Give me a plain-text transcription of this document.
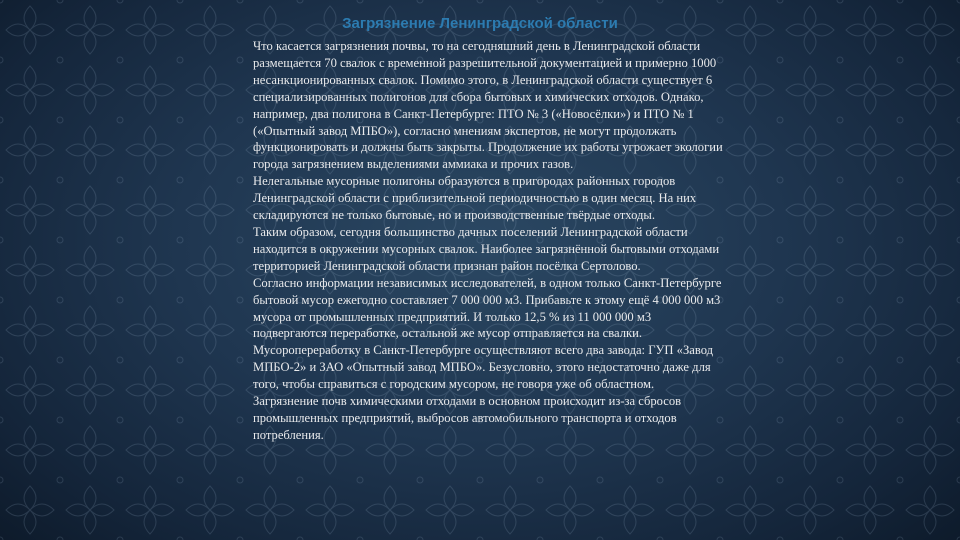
Загрязнение Ленинградской области

Что касается загрязнения почвы, то на сегодняшний день в Ленинградской области размещается 70 свалок с временной разрешительной документацией и примерно 1000 несанкционированных свалок. Помимо этого, в Ленинградской области существует 6 специализированных полигонов для сбора бытовых и химических отходов. Однако, например, два полигона в Санкт-Петербурге: ПТО № 3 («Новосёлки») и ПТО № 1 («Опытный завод МПБО»), согласно мнениям экспертов, не могут продолжать функционировать и должны быть закрыты. Продолжение их работы угрожает экологии города загрязнением выделениями аммиака и прочих газов.

Нелегальные мусорные полигоны образуются в пригородах районных городов Ленинградской области с приблизительной периодичностью в один месяц. На них складируются не только бытовые, но и производственные твёрдые отходы.

Таким образом, сегодня большинство дачных поселений Ленинградской области находится в окружении мусорных свалок. Наиболее загрязнённой бытовыми отходами территорией Ленинградской области признан район посёлка Сертолово.

Согласно информации независимых исследователей, в одном только Санкт-Петербурге бытовой мусор ежегодно составляет 7 000 000 м3. Прибавьте к этому ещё 4 000 000 м3 мусора от промышленных предприятий. И только 12,5 % из 11 000 000 м3 подвергаются переработке, остальной же мусор отправляется на свалки.

Мусоропереработку в Санкт-Петербурге осуществляют всего два завода: ГУП «Завод МПБО-2» и ЗАО «Опытный завод МПБО». Безусловно, этого недостаточно даже для того, чтобы справиться с городским мусором, не говоря уже об областном.

Загрязнение почв химическими отходами в основном происходит из-за сбросов промышленных предприятий, выбросов автомобильного транспорта и отходов потребления.
